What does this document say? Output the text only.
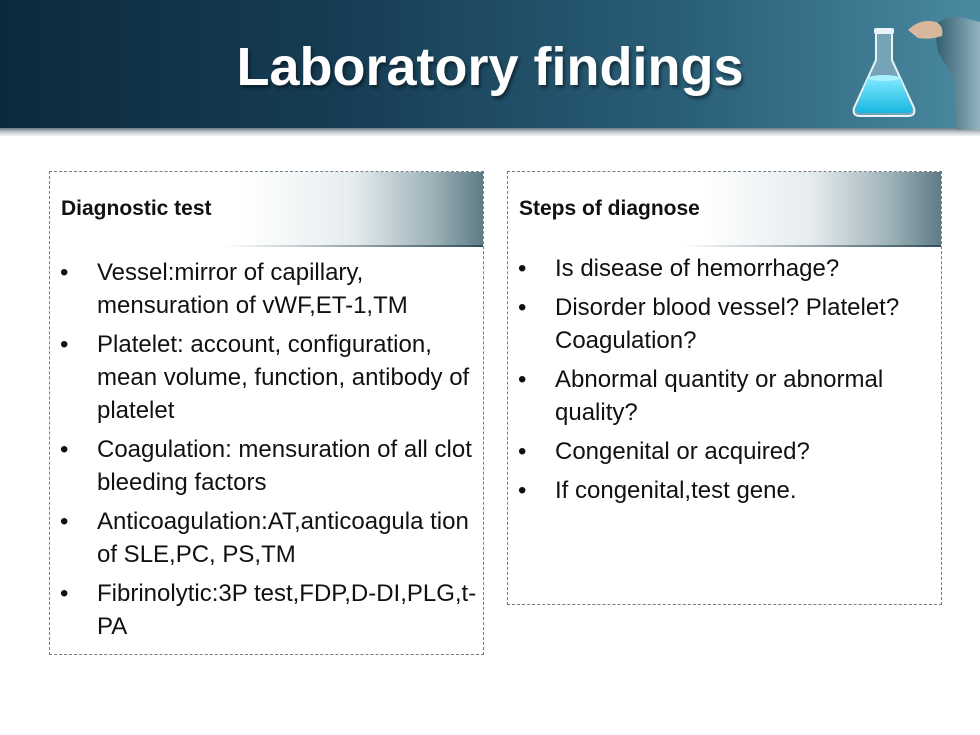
Laboratory findings
Diagnostic test
• Vessel:mirror of capillary, mensuration of vWF,ET-1,TM
• Platelet: account, configuration, mean volume, function, antibody of platelet
• Coagulation: mensuration of all clot bleeding factors
• Anticoagulation:AT,anticoagula tion of SLE,PC, PS,TM
• Fibrinolytic:3P test,FDP,D-DI,PLG,t-PA
Steps of diagnose
• Is disease of hemorrhage?
• Disorder blood vessel? Platelet? Coagulation?
• Abnormal quantity or abnormal quality?
• Congenital or acquired?
• If congenital,test gene.
